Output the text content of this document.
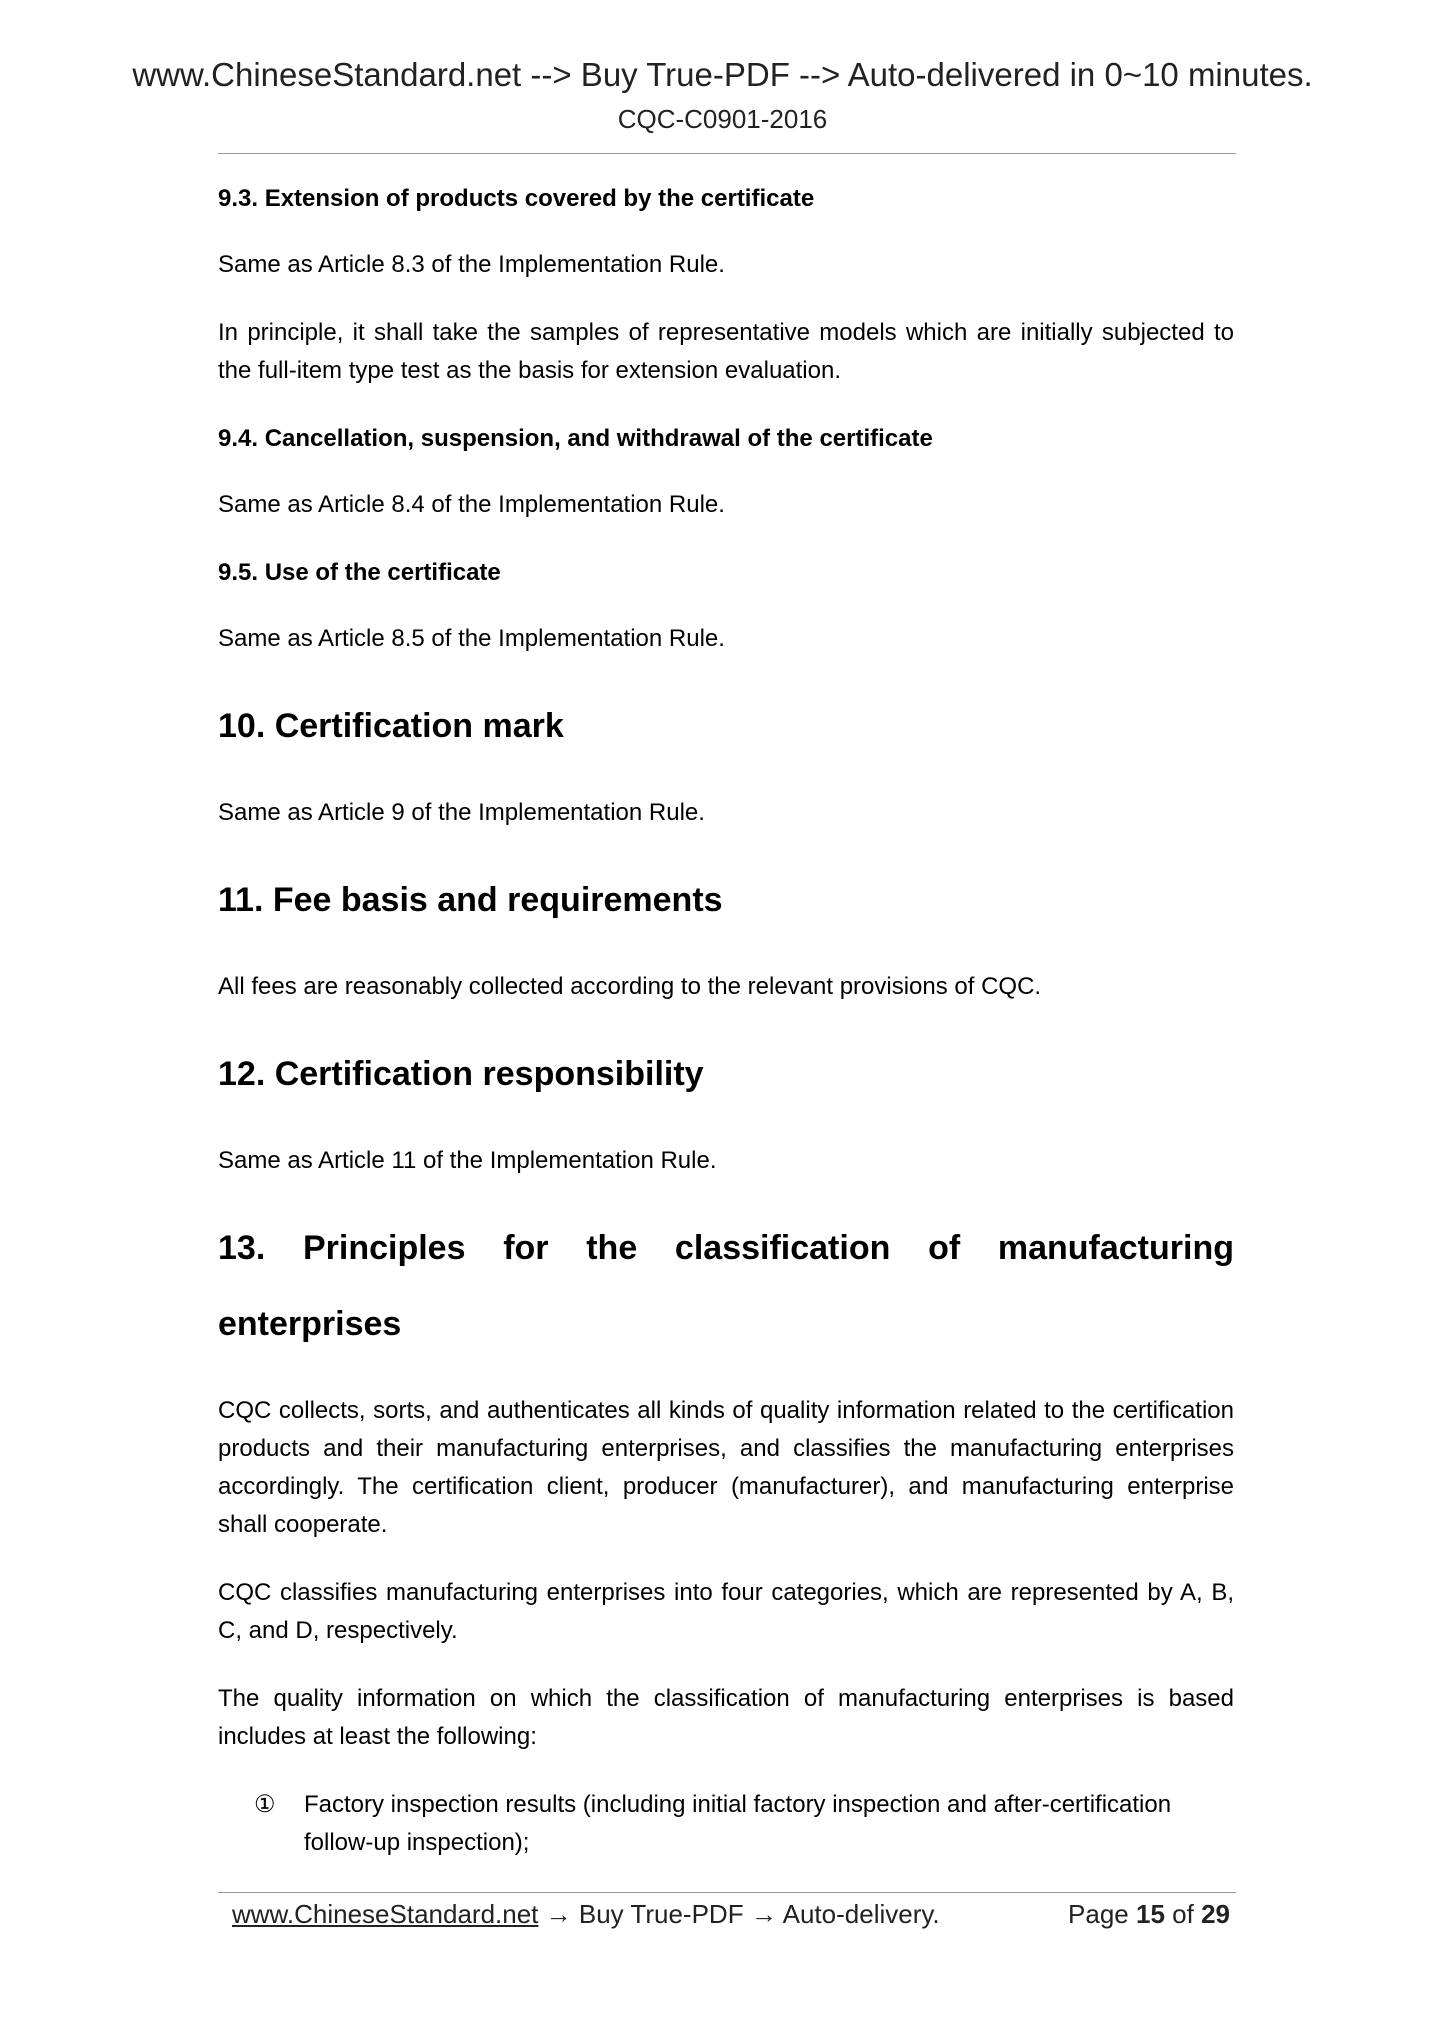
www.ChineseStandard.net --> Buy True-PDF --> Auto-delivered in 0~10 minutes.
CQC-C0901-2016

9.3. Extension of products covered by the certificate

Same as Article 8.3 of the Implementation Rule.

In principle, it shall take the samples of representative models which are initially subjected to the full-item type test as the basis for extension evaluation.

9.4. Cancellation, suspension, and withdrawal of the certificate

Same as Article 8.4 of the Implementation Rule.

9.5. Use of the certificate

Same as Article 8.5 of the Implementation Rule.

10. Certification mark

Same as Article 9 of the Implementation Rule.

11. Fee basis and requirements

All fees are reasonably collected according to the relevant provisions of CQC.

12. Certification responsibility

Same as Article 11 of the Implementation Rule.

13. Principles for the classification of manufacturing enterprises

CQC collects, sorts, and authenticates all kinds of quality information related to the certification products and their manufacturing enterprises, and classifies the manufacturing enterprises accordingly. The certification client, producer (manufacturer), and manufacturing enterprise shall cooperate.

CQC classifies manufacturing enterprises into four categories, which are represented by A, B, C, and D, respectively.

The quality information on which the classification of manufacturing enterprises is based includes at least the following:

①	Factory inspection results (including initial factory inspection and after-certification follow-up inspection);
www.ChineseStandard.net → Buy True-PDF → Auto-delivery.	Page 15 of 29
